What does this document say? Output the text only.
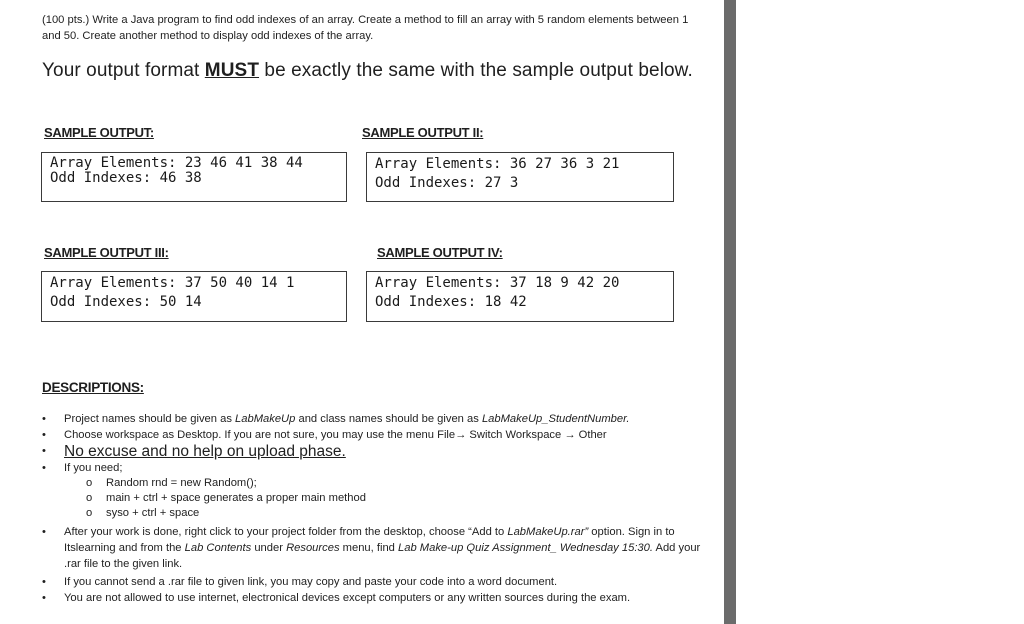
(100 pts.) Write a Java program to find odd indexes of an array. Create a method to fill an array with 5 random elements between 1 and 50. Create another method to display odd indexes of the array.
Your output format MUST be exactly the same with the sample output below.
SAMPLE OUTPUT:
Array Elements: 23 46 41 38 44
Odd Indexes: 46 38
SAMPLE OUTPUT II:
Array Elements: 36 27 36 3 21
Odd Indexes: 27 3
SAMPLE OUTPUT III:
Array Elements: 37 50 40 14 1
Odd Indexes: 50 14
SAMPLE OUTPUT IV:
Array Elements: 37 18 9 42 20
Odd Indexes: 18 42
DESCRIPTIONS:
• Project names should be given as LabMakeUp and class names should be given as LabMakeUp_StudentNumber.
• Choose workspace as Desktop. If you are not sure, you may use the menu File→ Switch Workspace → Other
• No excuse and no help on upload phase.
• If you need;
o Random rnd = new Random();
o main + ctrl + space generates a proper main method
o syso + ctrl + space
• After your work is done, right click to your project folder from the desktop, choose “Add to LabMakeUp.rar” option. Sign in to Itslearning and from the Lab Contents under Resources menu, find Lab Make-up Quiz Assignment_ Wednesday 15:30. Add your .rar file to the given link.
• If you cannot send a .rar file to given link, you may copy and paste your code into a word document.
• You are not allowed to use internet, electronical devices except computers or any written sources during the exam.
